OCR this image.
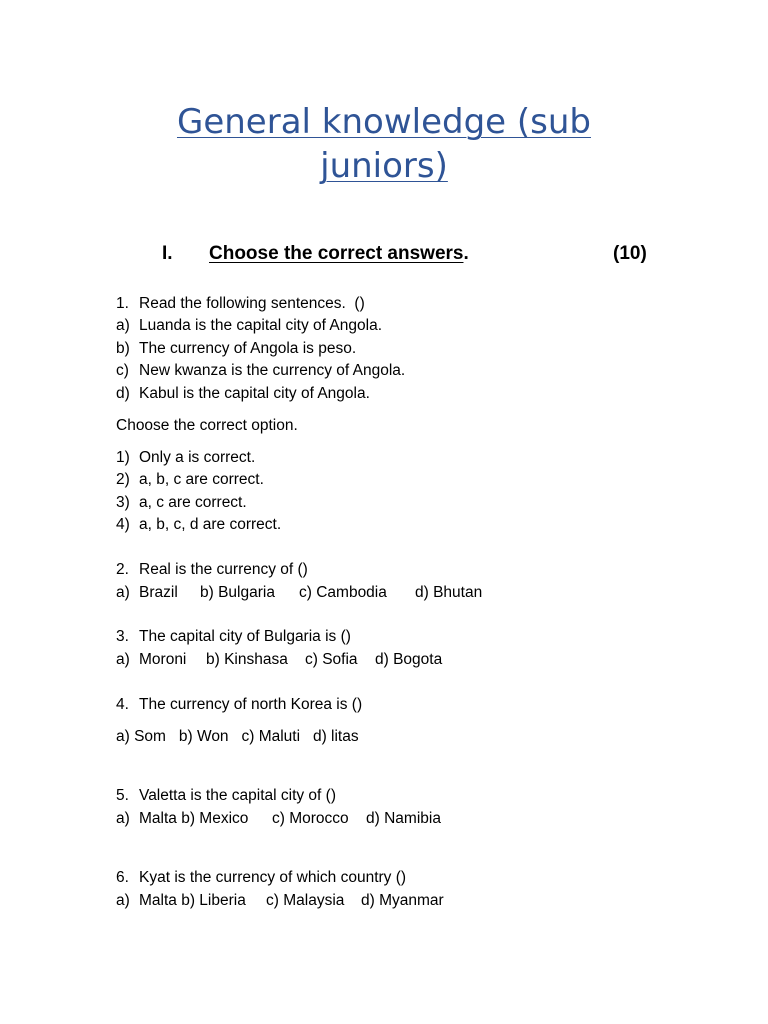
General knowledge (sub
juniors)
I. Choose the correct answers.	(10)
1. Read the following sentences.  ()
a) Luanda is the capital city of Angola.
b) The currency of Angola is peso.
c) New kwanza is the currency of Angola.
d) Kabul is the capital city of Angola.
Choose the correct option.
1) Only a is correct.
2) a, b, c are correct.
3) a, c are correct.
4) a, b, c, d are correct.
2. Real is the currency of ()
a) Brazil b) Bulgaria c) Cambodia d) Bhutan
3. The capital city of Bulgaria is ()
a) Moroni b) Kinshasa c) Sofia d) Bogota
4. The currency of north Korea is ()
a) Som   b) Won   c) Maluti   d) litas
5. Valetta is the capital city of ()
a) Malta b) Mexico c) Morocco d) Namibia
6. Kyat is the currency of which country ()
a) Malta b) Liberia c) Malaysia d) Myanmar
